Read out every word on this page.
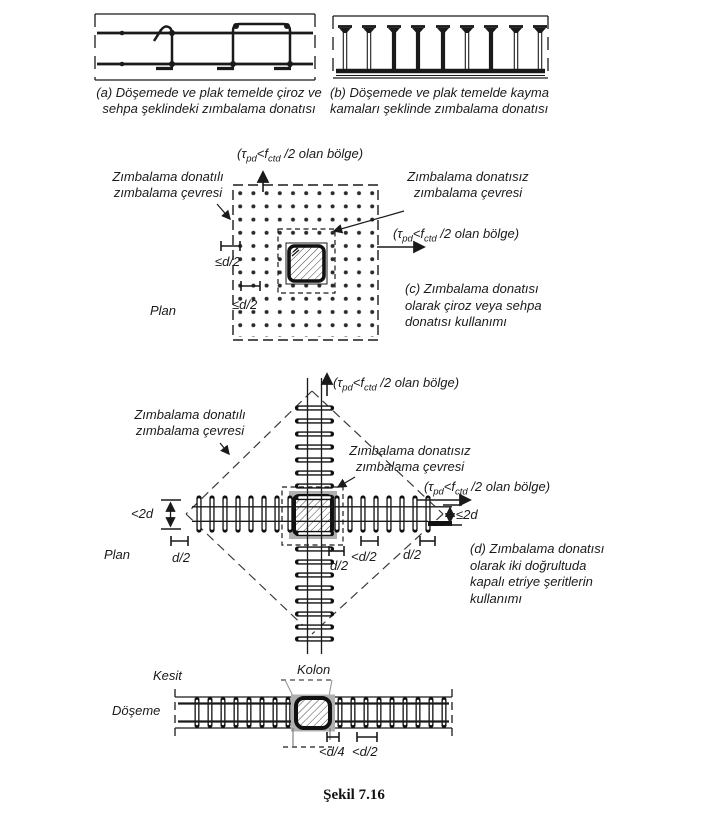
(a) Döşemede ve plak temelde çiroz ve
sehpa şeklindeki zımbalama donatısı
(b) Döşemede ve plak temelde kayma
kamaları şeklinde zımbalama donatısı
($\tau_{pd}<f_{ctd}$ /2 olan bölge)
Zımbalama donatılı
zımbalama çevresi
Zımbalama donatısız
zımbalama çevresi
($\tau_{pd}<f_{ctd}$ /2 olan bölge)
≤d/2
≤d/2
Plan
(c) Zımbalama donatısı
olarak çiroz veya sehpa
donatısı kullanımı
($\tau_{pd}<f_{ctd}$ /2 olan bölge)
Zımbalama donatılı
zımbalama çevresi
Zımbalama donatısız
zımbalama çevresi
($\tau_{pd}<f_{ctd}$ /2 olan bölge)
<2d	≤2d
d/2
d/2
<d/2 d/2
Plan	(d) Zımbalama donatısı
olarak iki doğrultuda
kapalı etriye şeritlerin
kullanımı
Kesit	Kolon
Döşeme
<d/4 <d/2
Şekil 7.16
